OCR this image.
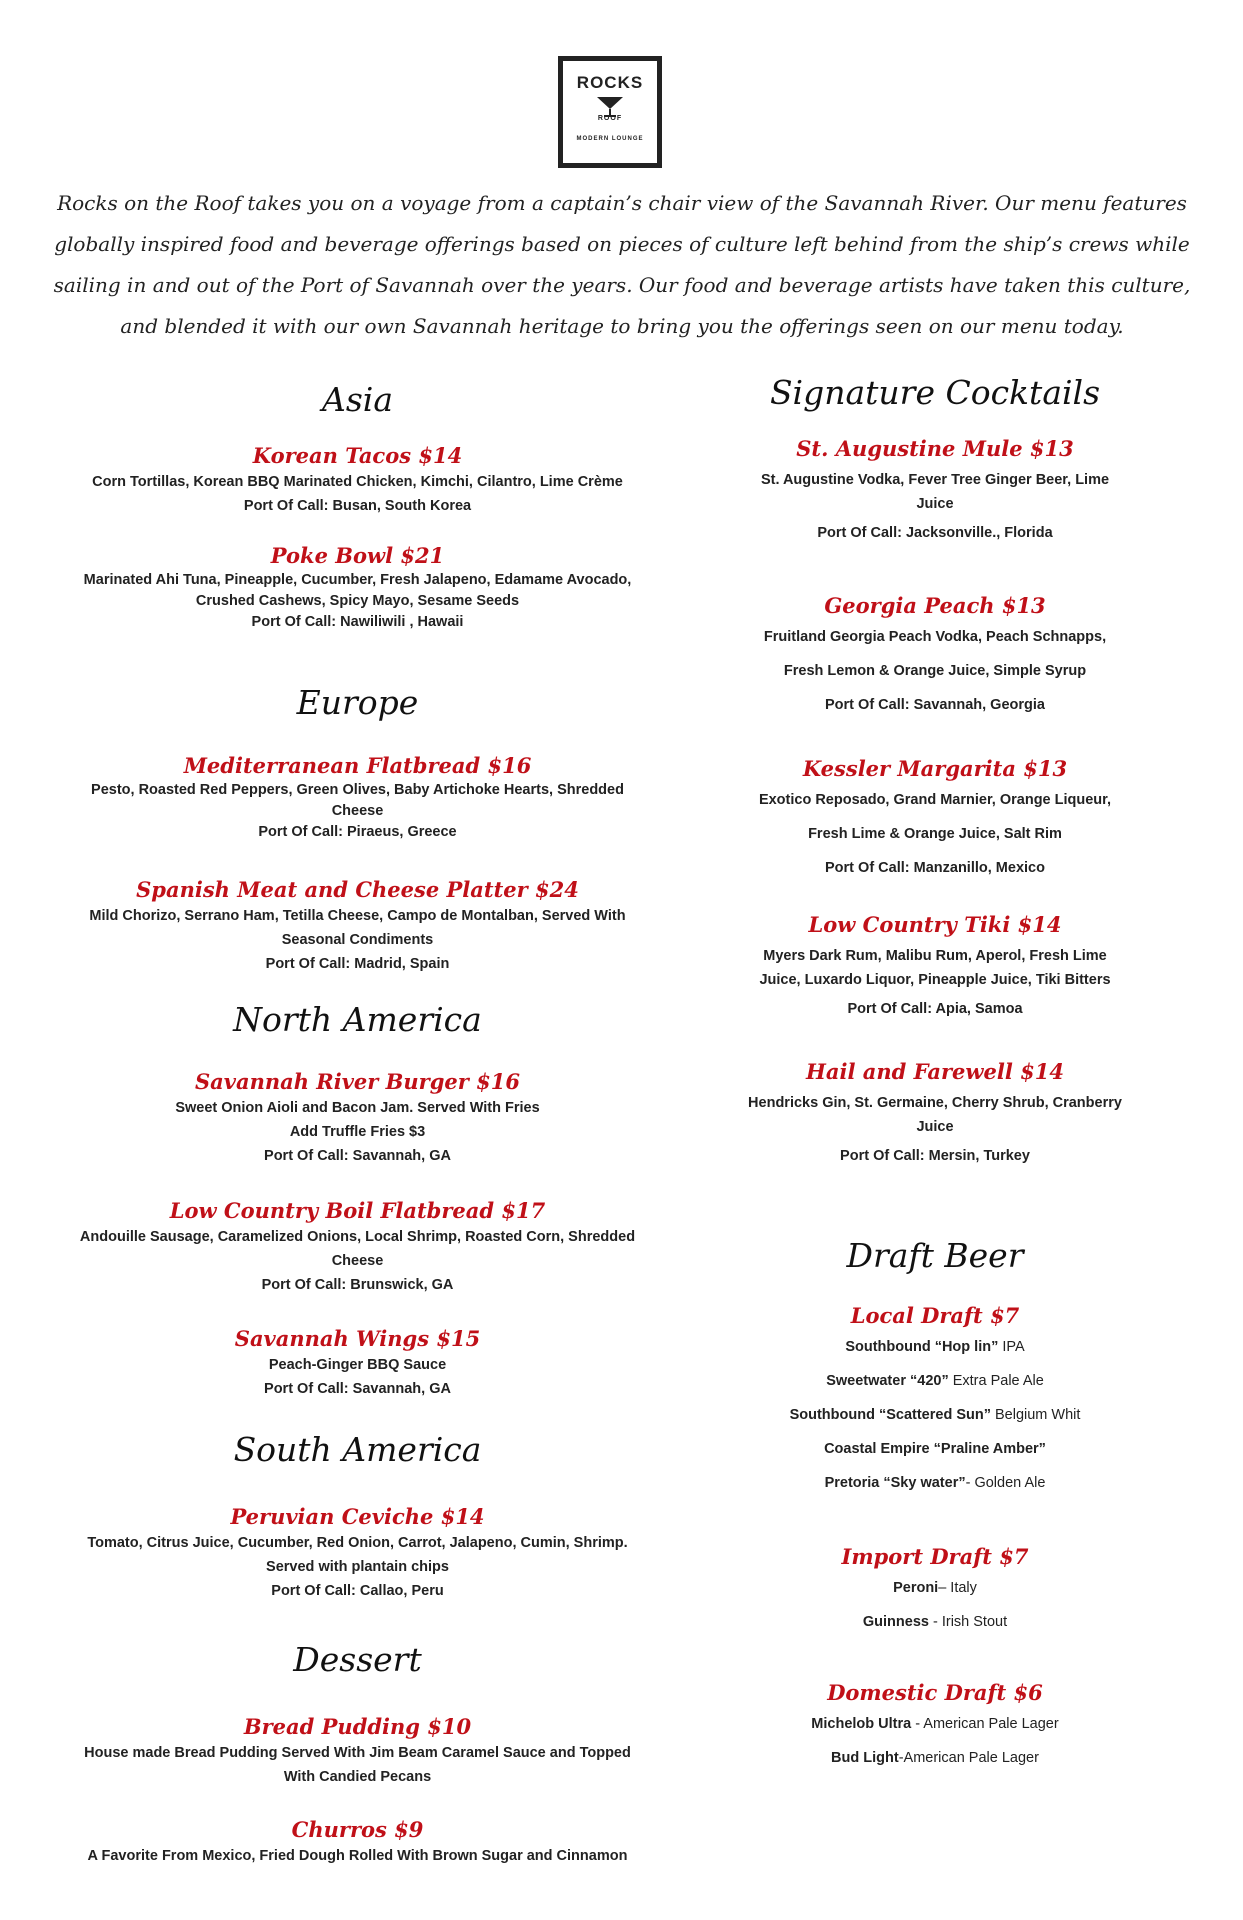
ROCKS
ROOF
MODERN LOUNGE
Rocks on the Roof takes you on a voyage from a captain’s chair view of the Savannah River. Our menu features globally inspired food and beverage offerings based on pieces of culture left behind from the ship’s crews while sailing in and out of the Port of Savannah over the years. Our food and beverage artists have taken this culture, and blended it with our own Savannah heritage to bring you the offerings seen on our menu today.
Asia
Korean Tacos $14
Corn Tortillas, Korean BBQ Marinated Chicken, Kimchi, Cilantro, Lime Crème
Port Of Call: Busan, South Korea
Poke Bowl $21
Marinated Ahi Tuna, Pineapple, Cucumber, Fresh Jalapeno, Edamame Avocado,
Crushed Cashews, Spicy Mayo, Sesame Seeds
Port Of Call: Nawiliwili , Hawaii
Europe
Mediterranean Flatbread $16
Pesto, Roasted Red Peppers, Green Olives, Baby Artichoke Hearts, Shredded
Cheese
Port Of Call: Piraeus, Greece
Spanish Meat and Cheese Platter $24
Mild Chorizo, Serrano Ham, Tetilla Cheese, Campo de Montalban, Served With
Seasonal Condiments
Port Of Call: Madrid, Spain
North America
Savannah River Burger $16
Sweet Onion Aioli and Bacon Jam. Served With Fries
Add Truffle Fries $3
Port Of Call: Savannah, GA
Low Country Boil Flatbread $17
Andouille Sausage, Caramelized Onions, Local Shrimp, Roasted Corn, Shredded
Cheese
Port Of Call: Brunswick, GA
Savannah Wings $15
Peach-Ginger BBQ Sauce
Port Of Call: Savannah, GA
South America
Peruvian Ceviche $14
Tomato, Citrus Juice, Cucumber, Red Onion, Carrot, Jalapeno, Cumin, Shrimp.
Served with plantain chips
Port Of Call: Callao, Peru
Dessert
Bread Pudding $10
House made Bread Pudding Served With Jim Beam Caramel Sauce and Topped
With Candied Pecans
Churros $9
A Favorite From Mexico, Fried Dough Rolled With Brown Sugar and Cinnamon
Signature Cocktails
St. Augustine Mule $13
St. Augustine Vodka, Fever Tree Ginger Beer, Lime
Juice
Port Of Call: Jacksonville., Florida
Georgia Peach $13
Fruitland Georgia Peach Vodka, Peach Schnapps,
Fresh Lemon & Orange Juice, Simple Syrup
Port Of Call: Savannah, Georgia
Kessler Margarita $13
Exotico Reposado, Grand Marnier, Orange Liqueur,
Fresh Lime & Orange Juice, Salt Rim
Port Of Call: Manzanillo, Mexico
Low Country Tiki $14
Myers Dark Rum, Malibu Rum, Aperol, Fresh Lime
Juice, Luxardo Liquor, Pineapple Juice, Tiki Bitters
Port Of Call: Apia, Samoa
Hail and Farewell $14
Hendricks Gin, St. Germaine, Cherry Shrub, Cranberry
Juice
Port Of Call: Mersin, Turkey
Draft Beer
Local Draft $7
Southbound “Hop lin” IPA
Sweetwater “420” Extra Pale Ale
Southbound “Scattered Sun” Belgium Whit
Coastal Empire “Praline Amber”
Pretoria “Sky water”- Golden Ale
Import Draft $7
Peroni– Italy
Guinness - Irish Stout
Domestic Draft $6
Michelob Ultra - American Pale Lager
Bud Light-American Pale Lager
